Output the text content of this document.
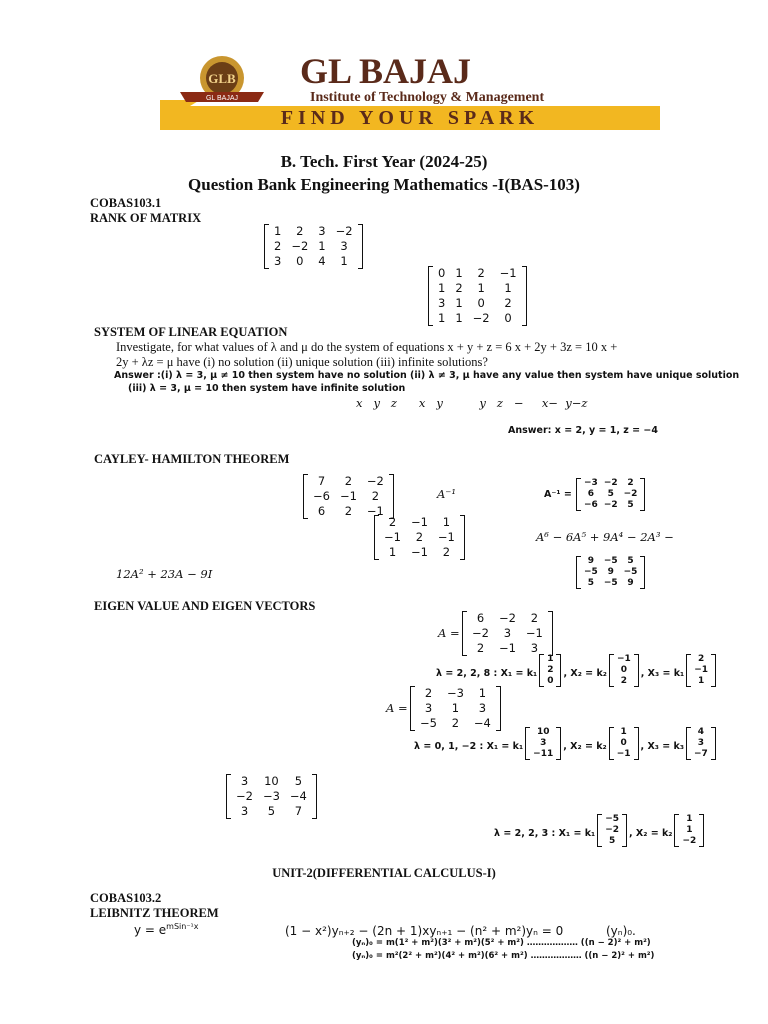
GLB
GL BAJAJ
GL BAJAJ
Institute of Technology & Management
FIND YOUR SPARK
B. Tech. First Year (2024-25)
Question Bank Engineering Mathematics -I(BAS-103)
COBAS103.1
RANK OF MATRIX
1	2	3	−2
2	−2	1	3
3	0	4	1
0	1	2	−1
1	2	1	1
3	1	0	2
1	1	−2	0
SYSTEM OF LINEAR EQUATION
Investigate, for what values of λ and μ do the system of equations x + y + z = 6 x + 2y + 3z = 10 x +
2y + λz = μ have (i) no solution (ii) unique solution (iii) infinite solutions?
Answer :(i) λ = 3, μ ≠ 10 then system have no solution (ii) λ ≠ 3, μ have any value then system have unique solution
(iii) λ = 3, μ = 10 then system have infinite solution
x   y   z      x   y          y   z   −     x−  y−z
Answer: x = 2, y = 1, z = −4
CAYLEY- HAMILTON THEOREM
7	2	−2
−6	−1	2
6	2	−1
A⁻¹	A⁻¹ =
−3	−2	2
6	5	−2
−6	−2	5
2	−1	1
−1	2	−1
1	−1	2
A⁶ − 6A⁵ + 9A⁴ − 2A³ −
12A² + 23A − 9I
9	−5	5
−5	9	−5
5	−5	9
EIGEN VALUE AND EIGEN VECTORS
A =
6	−2	2
−2	3	−1
2	−1	3
λ = 2, 2, 8 : X₁ = k₁
1
2
0
, X₂ = k₂
−1
0
2
, X₃ = k₁
2
−1
1
A =
2	−3	1
3	1	3
−5	2	−4
λ = 0, 1, −2 : X₁ = k₁
10
3
−11
, X₂ = k₂
1
0
−1
, X₃ = k₃
4
3
−7
3	10	5
−2	−3	−4
3	5	7
λ = 2, 2, 3 : X₁ = k₁
−5
−2
5
, X₂ = k₂
1
1
−2
UNIT-2(DIFFERENTIAL CALCULUS-I)
COBAS103.2
LEIBNITZ THEOREM
$y = e^{mSin^{-1}x}$	(1 − x²)yₙ₊₂ − (2n + 1)xyₙ₊₁ − (n² + m²)yₙ = 0	(yₙ)₀.
(yₙ)₀ = m(1² + m²)(3² + m²)(5² + m²) ……………… ((n − 2)² + m²)
(yₙ)₀ = m²(2² + m²)(4² + m²)(6² + m²) ……………… ((n − 2)² + m²)
